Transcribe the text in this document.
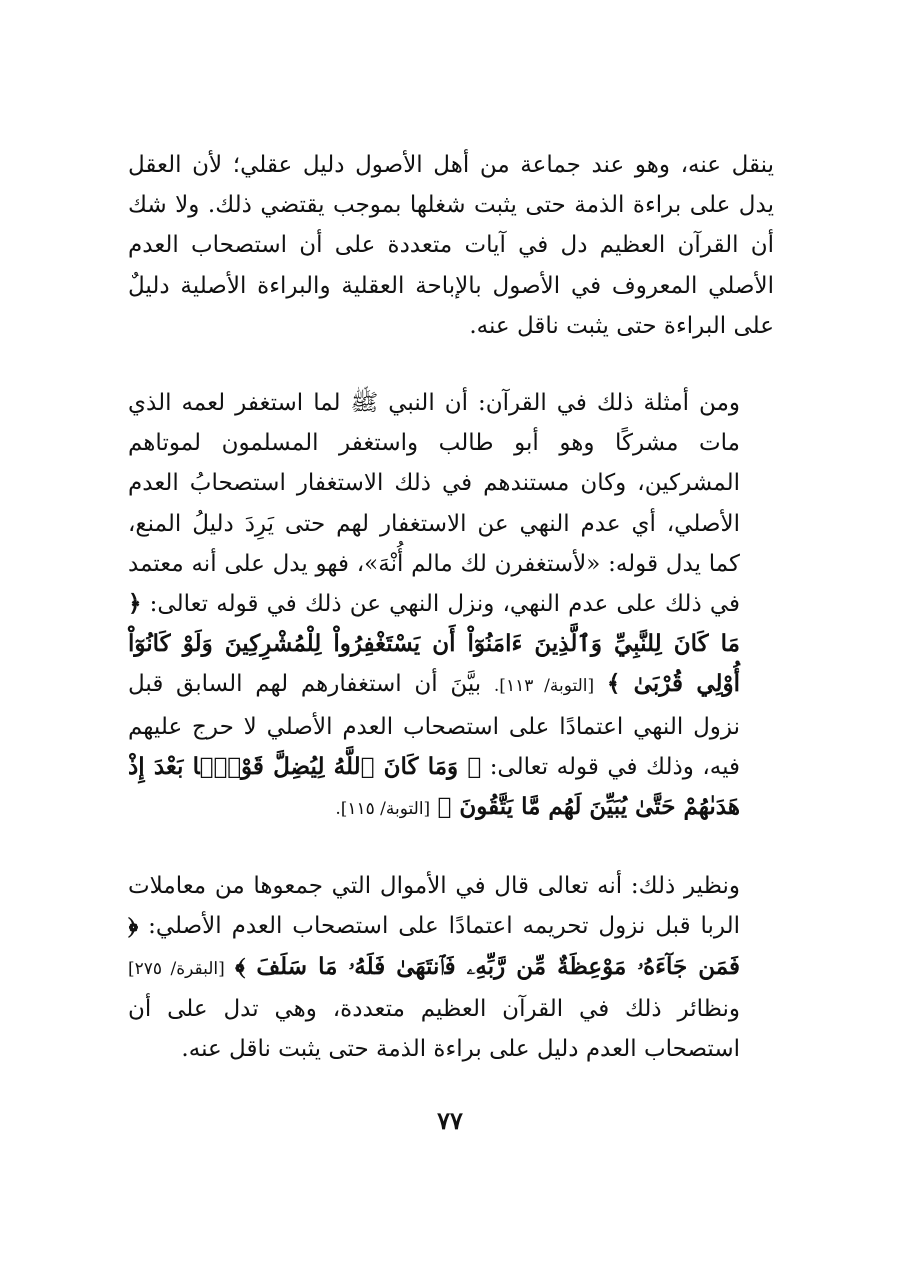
ينقل عنه، وهو عند جماعة من أهل الأصول دليل عقلي؛ لأن العقل يدل على براءة الذمة حتى يثبت شغلها بموجب يقتضي ذلك. ولا شك أن القرآن العظيم دل في آيات متعددة على أن استصحاب العدم الأصلي المعروف في الأصول بالإباحة العقلية والبراءة الأصلية دليلٌ على البراءة حتى يثبت ناقل عنه.

ومن أمثلة ذلك في القرآن: أن النبي ﷺ لما استغفر لعمه الذي مات مشركًا وهو أبو طالب واستغفر المسلمون لموتاهم المشركين، وكان مستندهم في ذلك الاستغفار استصحابُ العدم الأصلي، أي عدم النهي عن الاستغفار لهم حتى يَرِدَ دليلُ المنع، كما يدل قوله: «لأستغفرن لك مالم أُنْهَ»، فهو يدل على أنه معتمد في ذلك على عدم النهي، ونزل النهي عن ذلك في قوله تعالى: ﴿ مَا كَانَ لِلنَّبِيِّ وَٱلَّذِينَ ءَامَنُوٓاْ أَن يَسْتَغْفِرُواْ لِلْمُشْرِكِينَ وَلَوْ كَانُوٓاْ أُوْلِي قُرْبَىٰ ﴾ [التوبة/ ١١٣]. بيَّنَ أن استغفارهم لهم السابق قبل نزول النهي اعتمادًا على استصحاب العدم الأصلي لا حرج عليهم فيه، وذلك في قوله تعالى: ﴿ وَمَا كَانَ ٱللَّهُ لِيُضِلَّ قَوْمًۢا بَعْدَ إِذْ هَدَىٰهُمْ حَتَّىٰ يُبَيِّنَ لَهُم مَّا يَتَّقُونَ ﴾ [التوبة/ ١١٥].

ونظير ذلك: أنه تعالى قال في الأموال التي جمعوها من معاملات الربا قبل نزول تحريمه اعتمادًا على استصحاب العدم الأصلي: ﴿ فَمَن جَآءَهُۥ مَوْعِظَةٌ مِّن رَّبِّهِۦ فَٱنتَهَىٰ فَلَهُۥ مَا سَلَفَ ﴾ [البقرة/ ٢٧٥] ونظائر ذلك في القرآن العظيم متعددة، وهي تدل على أن استصحاب العدم دليل على براءة الذمة حتى يثبت ناقل عنه.

٧٧
